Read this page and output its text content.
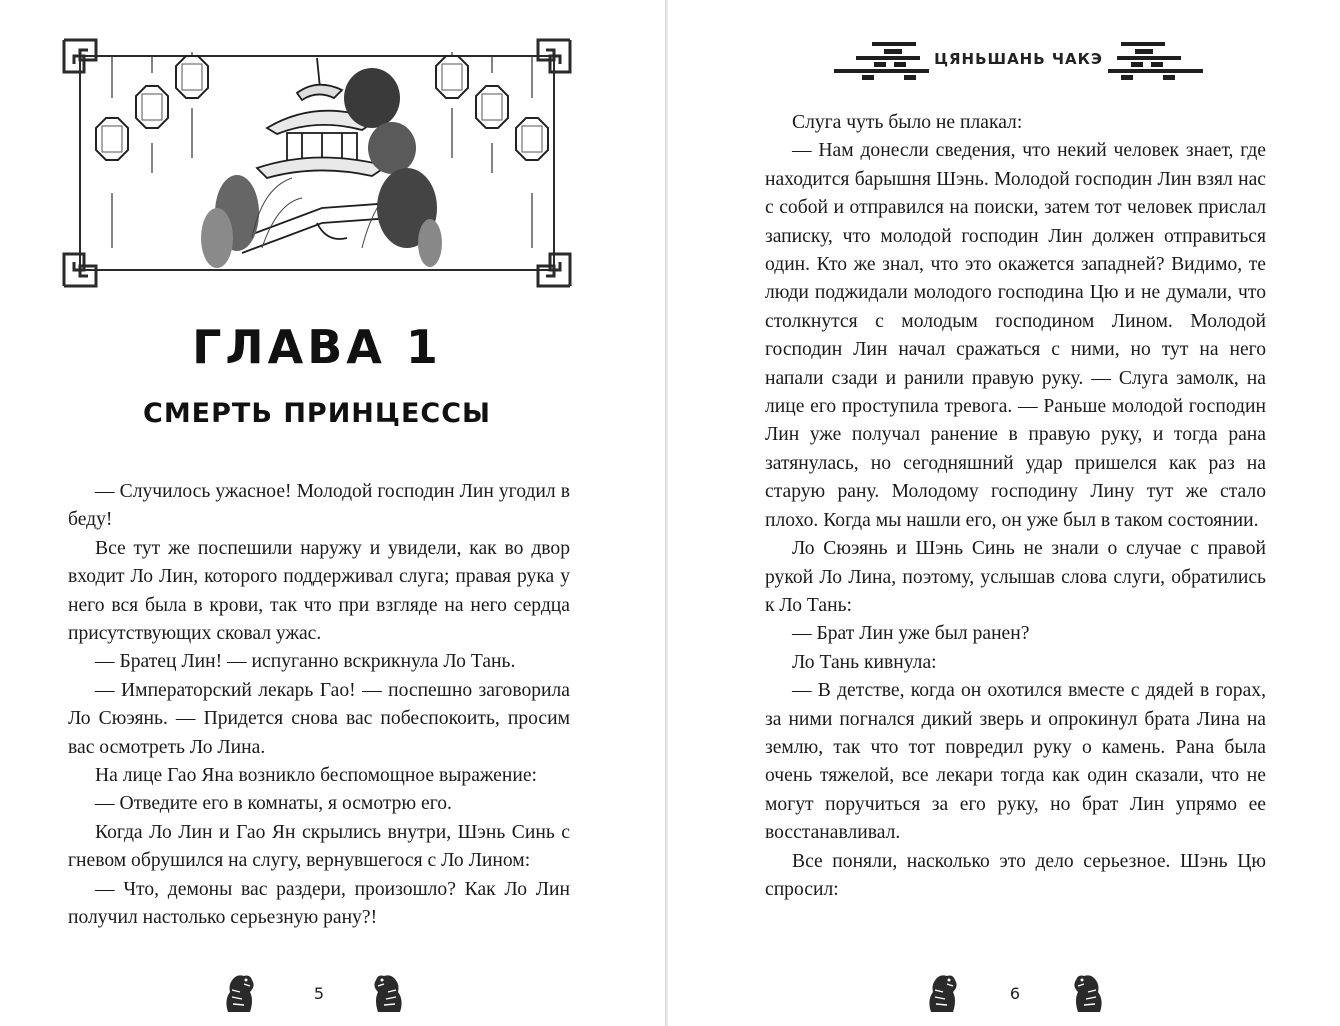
ГЛАВА 1
СМЕРТЬ ПРИНЦЕССЫ

— Случилось ужасное! Молодой господин Лин угодил в беду!

Все тут же поспешили наружу и увидели, как во двор входит Ло Лин, которого поддерживал слуга; правая рука у него вся была в крови, так что при взгляде на него сердца присутствующих сковал ужас.

— Братец Лин! — испуганно вскрикнула Ло Тань.

— Императорский лекарь Гао! — поспешно заговорила Ло Сюэянь. — Придется снова вас побеспокоить, просим вас осмотреть Ло Лина.

На лице Гао Яна возникло беспомощное выражение:

— Отведите его в комнаты, я осмотрю его.

Когда Ло Лин и Гао Ян скрылись внутри, Шэнь Синь с гневом обрушился на слугу, вернувшегося с Ло Лином:

— Что, демоны вас раздери, произошло? Как Ло Лин получил настолько серьезную рану?!

5
ЦЯНЬШАНЬ ЧАКЭ

Слуга чуть было не плакал:

— Нам донесли сведения, что некий человек знает, где находится барышня Шэнь. Молодой господин Лин взял нас с собой и отправился на поиски, затем тот человек прислал записку, что молодой господин Лин должен отправиться один. Кто же знал, что это окажется западней? Видимо, те люди поджидали молодого господина Цю и не думали, что столкнутся с молодым господином Лином. Молодой господин Лин начал сражаться с ними, но тут на него напали сзади и ранили правую руку. — Слуга замолк, на лице его проступила тревога. — Раньше молодой господин Лин уже получал ранение в правую руку, и тогда рана затянулась, но сегодняшний удар пришелся как раз на старую рану. Молодому господину Лину тут же стало плохо. Когда мы нашли его, он уже был в таком состоянии.

Ло Сюэянь и Шэнь Синь не знали о случае с правой рукой Ло Лина, поэтому, услышав слова слуги, обратились к Ло Тань:

— Брат Лин уже был ранен?

Ло Тань кивнула:

— В детстве, когда он охотился вместе с дядей в горах, за ними погнался дикий зверь и опрокинул брата Лина на землю, так что тот повредил руку о камень. Рана была очень тяжелой, все лекари тогда как один сказали, что не могут поручиться за его руку, но брат Лин упрямо ее восстанавливал.

Все поняли, насколько это дело серьезное. Шэнь Цю спросил:

6
